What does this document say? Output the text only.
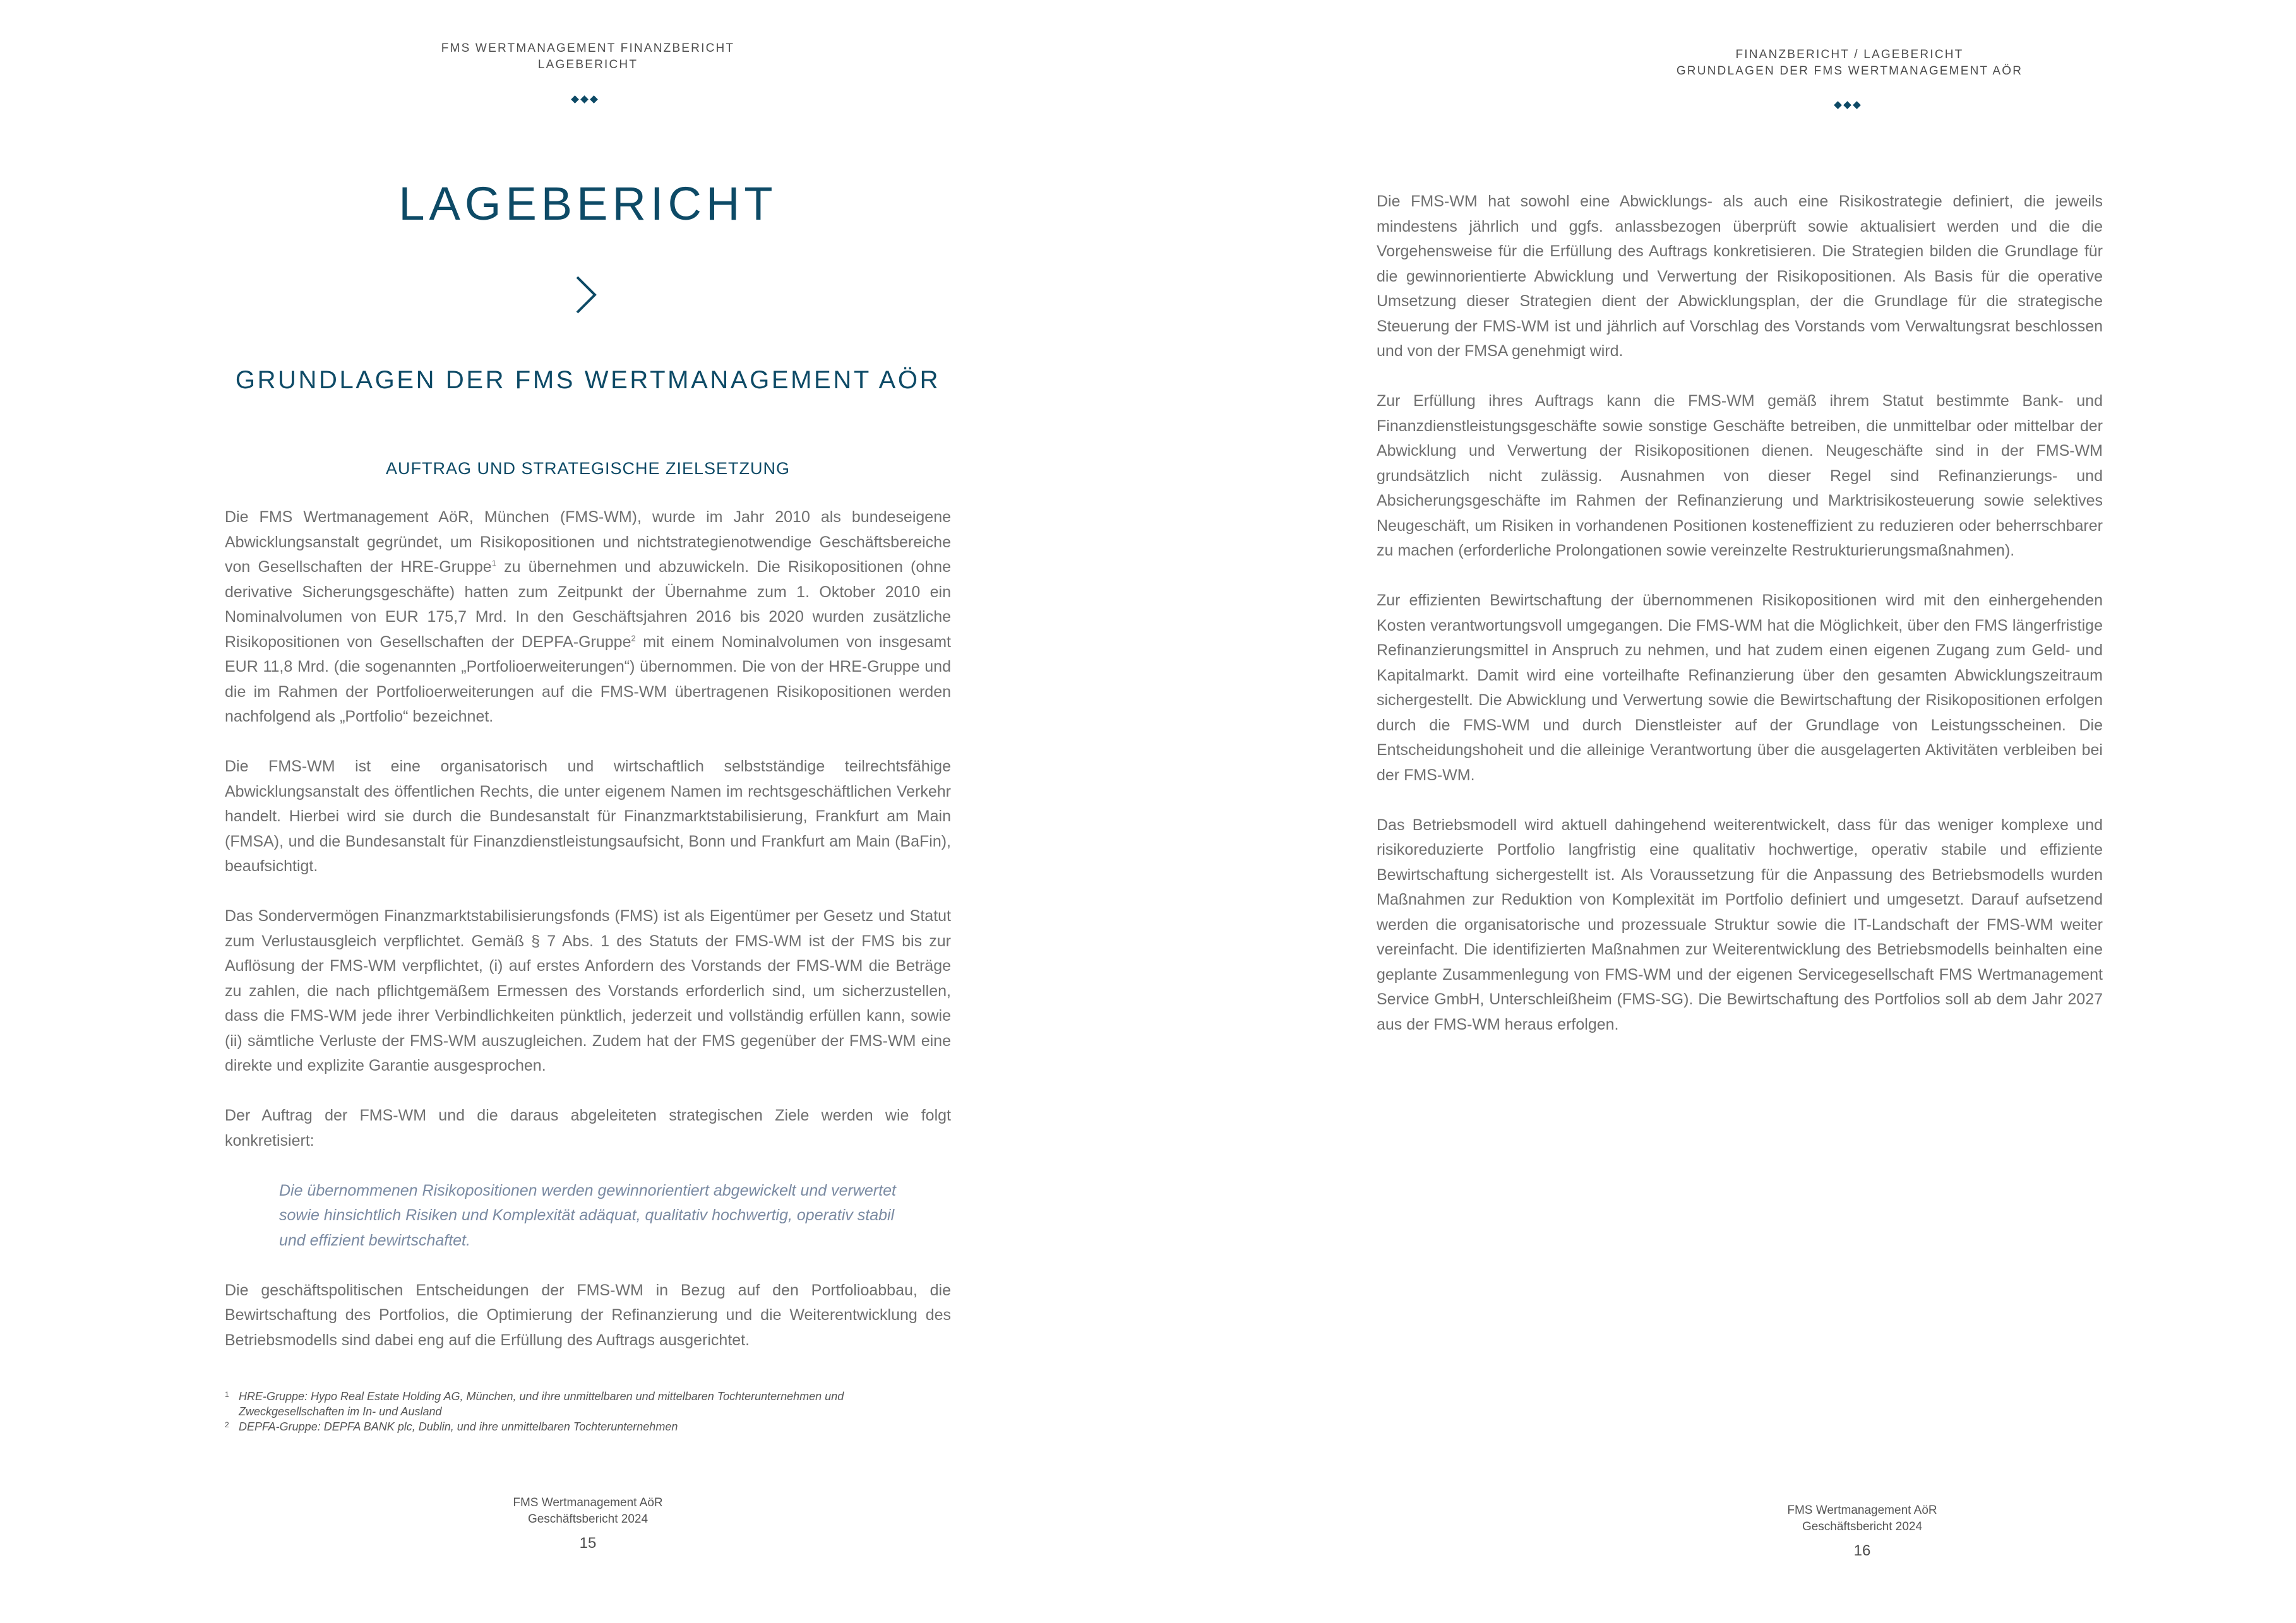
FMS WERTMANAGEMENT FINANZBERICHT
LAGEBERICHT
LAGEBERICHT
GRUNDLAGEN DER FMS WERTMANAGEMENT AÖR
AUFTRAG UND STRATEGISCHE ZIELSETZUNG

Die FMS Wertmanagement AöR, München (FMS-WM), wurde im Jahr 2010 als bundeseigene Abwicklungsanstalt gegründet, um Risikopositionen und nichtstrategienotwendige Geschäftsbereiche von Gesellschaften der HRE-Gruppe$^1$ zu übernehmen und abzuwickeln. Die Risikopositionen (ohne derivative Sicherungsgeschäfte) hatten zum Zeitpunkt der Übernahme zum 1. Oktober 2010 ein Nominalvolumen von EUR 175,7 Mrd. In den Geschäftsjahren 2016 bis 2020 wurden zusätzliche Risikopositionen von Gesellschaften der DEPFA-Gruppe$^2$ mit einem Nominalvolumen von insgesamt EUR 11,8 Mrd. (die sogenannten „Portfolioerweiterungen“) übernommen. Die von der HRE-Gruppe und die im Rahmen der Portfolioerweiterungen auf die FMS-WM übertragenen Risikopositionen werden nachfolgend als „Portfolio“ bezeichnet.

Die FMS-WM ist eine organisatorisch und wirtschaftlich selbstständige teilrechtsfähige Abwicklungsanstalt des öffentlichen Rechts, die unter eigenem Namen im rechtsgeschäftlichen Verkehr handelt. Hierbei wird sie durch die Bundesanstalt für Finanzmarktstabilisierung, Frankfurt am Main (FMSA), und die Bundesanstalt für Finanzdienstleistungsaufsicht, Bonn und Frankfurt am Main (BaFin), beaufsichtigt.

Das Sondervermögen Finanzmarktstabilisierungsfonds (FMS) ist als Eigentümer per Gesetz und Statut zum Verlustausgleich verpflichtet. Gemäß § 7 Abs. 1 des Statuts der FMS-WM ist der FMS bis zur Auflösung der FMS-WM verpflichtet, (i) auf erstes Anfordern des Vorstands der FMS-WM die Beträge zu zahlen, die nach pflichtgemäßem Ermessen des Vorstands erforderlich sind, um sicherzustellen, dass die FMS-WM jede ihrer Verbindlichkeiten pünktlich, jederzeit und vollständig erfüllen kann, sowie (ii) sämtliche Verluste der FMS-WM auszugleichen. Zudem hat der FMS gegenüber der FMS-WM eine direkte und explizite Garantie ausgesprochen.

Der Auftrag der FMS-WM und die daraus abgeleiteten strategischen Ziele werden wie folgt konkretisiert:

Die übernommenen Risikopositionen werden gewinnorientiert abgewickelt und verwertet sowie hinsichtlich Risiken und Komplexität adäquat, qualitativ hochwertig, operativ stabil und effizient bewirtschaftet.

Die geschäftspolitischen Entscheidungen der FMS-WM in Bezug auf den Portfolioabbau, die Bewirtschaftung des Portfolios, die Optimierung der Refinanzierung und die Weiterentwicklung des Betriebsmodells sind dabei eng auf die Erfüllung des Auftrags ausgerichtet.

1 HRE-Gruppe: Hypo Real Estate Holding AG, München, und ihre unmittelbaren und mittelbaren Tochterunternehmen und Zweckgesellschaften im In- und Ausland
2 DEPFA-Gruppe: DEPFA BANK plc, Dublin, und ihre unmittelbaren Tochterunternehmen
FMS Wertmanagement AöR
Geschäftsbericht 2024
15
FINANZBERICHT / LAGEBERICHT
GRUNDLAGEN DER FMS WERTMANAGEMENT AÖR

Die FMS-WM hat sowohl eine Abwicklungs- als auch eine Risikostrategie definiert, die jeweils mindestens jährlich und ggfs. anlassbezogen überprüft sowie aktualisiert werden und die die Vorgehensweise für die Erfüllung des Auftrags konkretisieren. Die Strategien bilden die Grundlage für die gewinnorientierte Abwicklung und Verwertung der Risikopositionen. Als Basis für die operative Umsetzung dieser Strategien dient der Abwicklungsplan, der die Grundlage für die strategische Steuerung der FMS-WM ist und jährlich auf Vorschlag des Vorstands vom Verwaltungsrat beschlossen und von der FMSA genehmigt wird.

Zur Erfüllung ihres Auftrags kann die FMS-WM gemäß ihrem Statut bestimmte Bank- und Finanzdienstleistungsgeschäfte sowie sonstige Geschäfte betreiben, die unmittelbar oder mittelbar der Abwicklung und Verwertung der Risikopositionen dienen. Neugeschäfte sind in der FMS-WM grundsätzlich nicht zulässig. Ausnahmen von dieser Regel sind Refinanzierungs- und Absicherungsgeschäfte im Rahmen der Refinanzierung und Marktrisikosteuerung sowie selektives Neugeschäft, um Risiken in vorhandenen Positionen kosteneffizient zu reduzieren oder beherrschbarer zu machen (erforderliche Prolongationen sowie vereinzelte Restrukturierungsmaßnahmen).

Zur effizienten Bewirtschaftung der übernommenen Risikopositionen wird mit den einhergehenden Kosten verantwortungsvoll umgegangen. Die FMS-WM hat die Möglichkeit, über den FMS längerfristige Refinanzierungsmittel in Anspruch zu nehmen, und hat zudem einen eigenen Zugang zum Geld- und Kapitalmarkt. Damit wird eine vorteilhafte Refinanzierung über den gesamten Abwicklungszeitraum sichergestellt. Die Abwicklung und Verwertung sowie die Bewirtschaftung der Risikopositionen erfolgen durch die FMS-WM und durch Dienstleister auf der Grundlage von Leistungsscheinen. Die Entscheidungshoheit und die alleinige Verantwortung über die ausgelagerten Aktivitäten verbleiben bei der FMS-WM.

Das Betriebsmodell wird aktuell dahingehend weiterentwickelt, dass für das weniger komplexe und risikoreduzierte Portfolio langfristig eine qualitativ hochwertige, operativ stabile und effiziente Bewirtschaftung sichergestellt ist. Als Voraussetzung für die Anpassung des Betriebsmodells wurden Maßnahmen zur Reduktion von Komplexität im Portfolio definiert und umgesetzt. Darauf aufsetzend werden die organisatorische und prozessuale Struktur sowie die IT-Landschaft der FMS-WM weiter vereinfacht. Die identifizierten Maßnahmen zur Weiterentwicklung des Betriebsmodells beinhalten eine geplante Zusammenlegung von FMS-WM und der eigenen Servicegesellschaft FMS Wertmanagement Service GmbH, Unterschleißheim (FMS-SG). Die Bewirtschaftung des Portfolios soll ab dem Jahr 2027 aus der FMS-WM heraus erfolgen.

FMS Wertmanagement AöR
Geschäftsbericht 2024
16
